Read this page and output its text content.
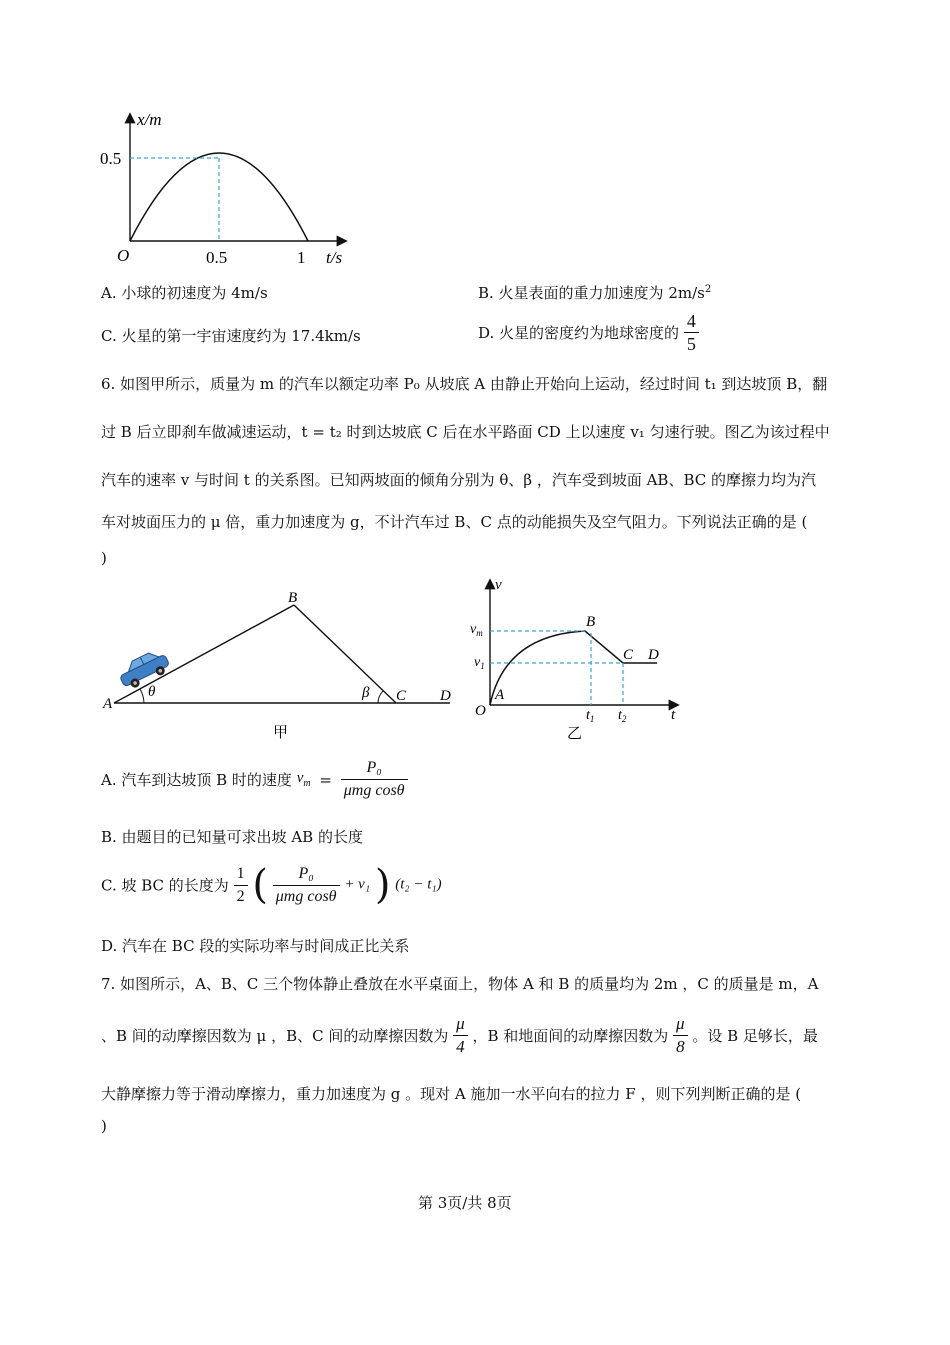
x/m
t/s
O
0.5
0.5	1
A. 小球的初速度为 4m/s	B. 火星表面的重力加速度为 $2m/s^2$
C. 火星的第一宇宙速度约为 17.4km/s	D. 火星的密度约为地球密度的 $\frac{4}{5}$
6. 如图甲所示，质量为 m 的汽车以额定功率 P₀ 从坡底 A 由静止开始向上运动，经过时间 t₁ 到达坡顶 B，翻
过 B 后立即刹车做减速运动，t = t₂ 时到达坡底 C 后在水平路面 CD 上以速度 v₁ 匀速行驶。图乙为该过程中
汽车的速率 v 与时间 t 的关系图。已知两坡面的倾角分别为 θ、β ，汽车受到坡面 AB、BC 的摩擦力均为汽
车对坡面压力的 μ 倍，重力加速度为 g，不计汽车过 B、C 点的动能损失及空气阻力。下列说法正确的是 (
)
A
B
C D
θ	β
甲
v
t
O
$v_m$
$v_1$
A
B
C D
$t_1$ $t_2$
乙
A. 汽车到达坡顶 B 时的速度 $v_m = \frac{\text{P₀}}{\text{μmg cosθ}}$
B. 由题目的已知量可求出坡 AB 的长度
C. 坡 BC 的长度为 $\frac{1}{2}$ ( $\frac{\text{P₀}}{\text{μmg cosθ}} + v_1$ ) (t₂ − t₁)
D. 汽车在 BC 段的实际功率与时间成正比关系
7. 如图所示，A、B、C 三个物体静止叠放在水平桌面上，物体 A 和 B 的质量均为 2m ，C 的质量是 m，A
、B 间的动摩擦因数为 μ ，B、C 间的动摩擦因数为 $\frac{\mu}{4}$ ，B 和地面间的动摩擦因数为 $\frac{\mu}{8}$ 。设 B 足够长，最
大静摩擦力等于滑动摩擦力，重力加速度为 g 。现对 A 施加一水平向右的拉力 F ，则下列判断正确的是 (
)
第 3页/共 8页
